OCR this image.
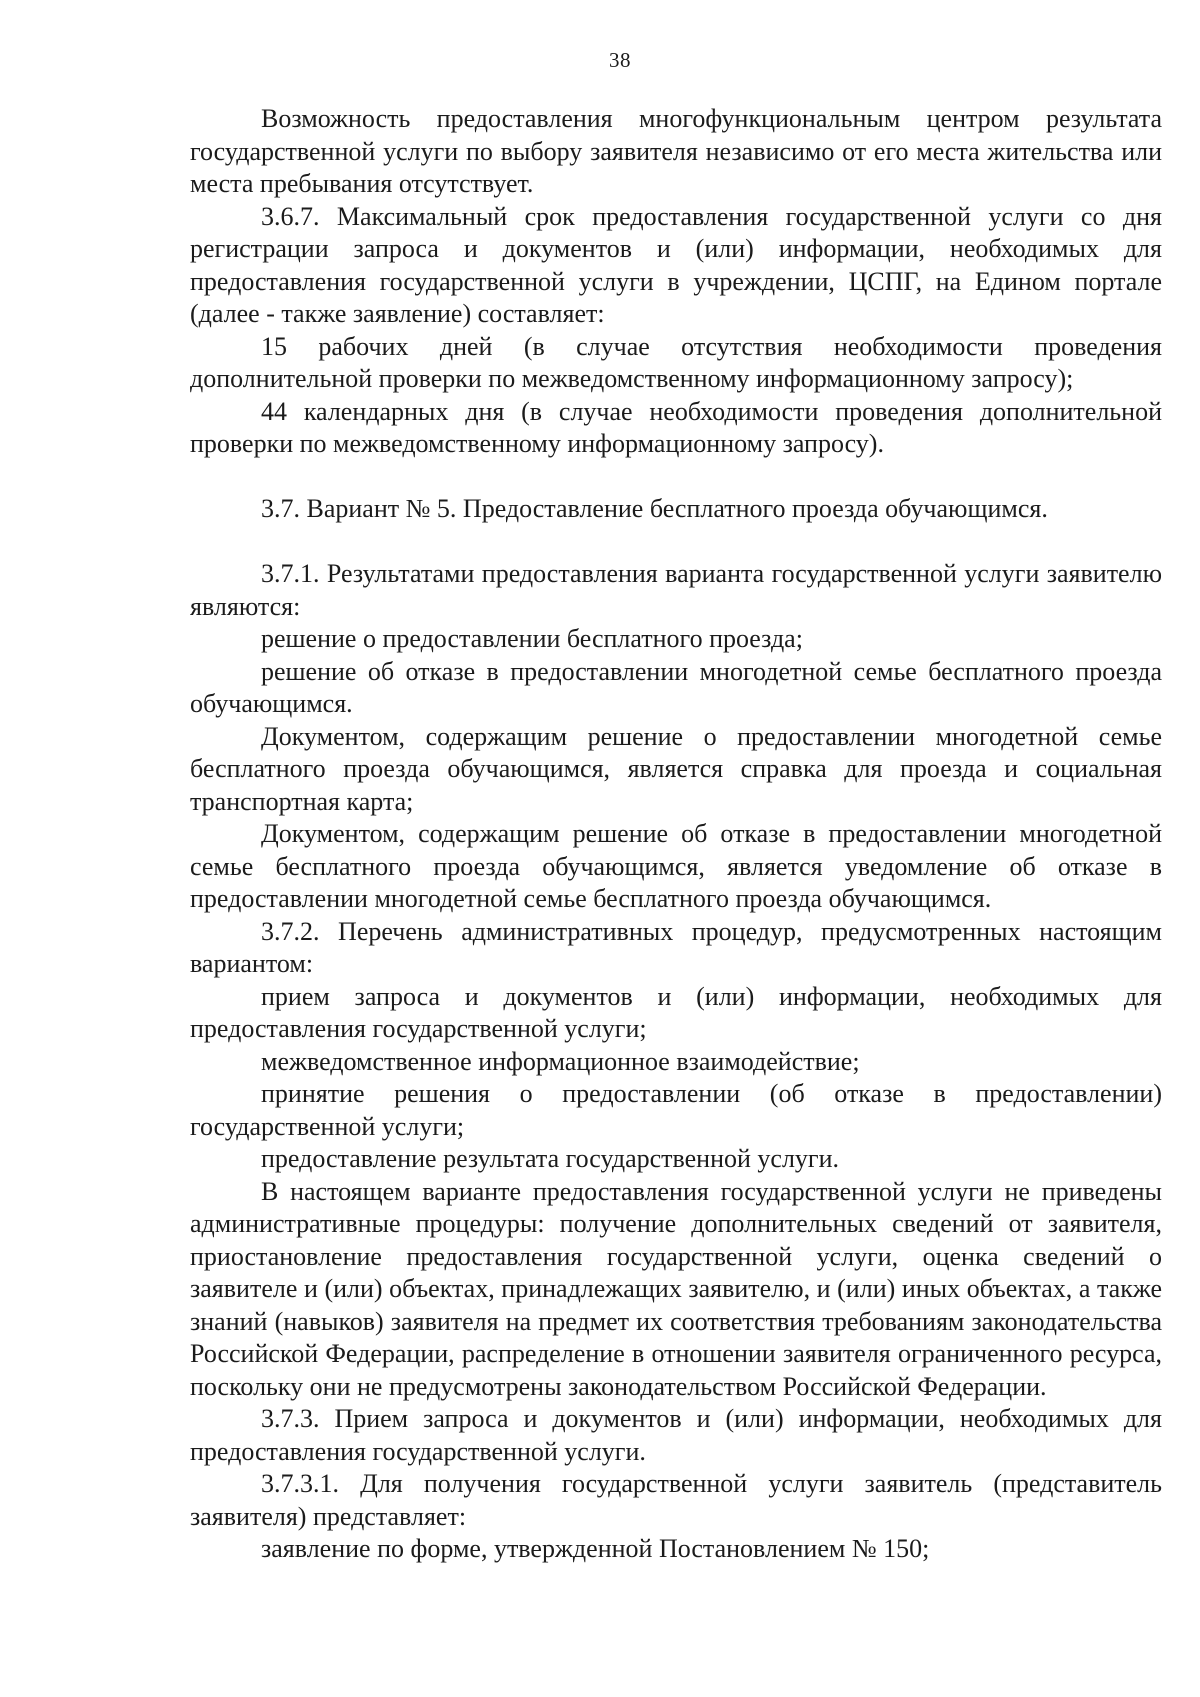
38

Возможность предоставления многофункциональным центром результата государственной услуги по выбору заявителя независимо от его места жительства или места пребывания отсутствует.

3.6.7. Максимальный срок предоставления государственной услуги со дня регистрации запроса и документов и (или) информации, необходимых для предоставления государственной услуги в учреждении, ЦСПГ, на Едином портале (далее - также заявление) составляет:

15 рабочих дней (в случае отсутствия необходимости проведения дополнительной проверки по межведомственному информационному запросу);

44 календарных дня (в случае необходимости проведения дополнительной проверки по межведомственному информационному запросу).

3.7. Вариант № 5. Предоставление бесплатного проезда обучающимся.

3.7.1. Результатами предоставления варианта государственной услуги заявителю являются:

решение о предоставлении бесплатного проезда;

решение об отказе в предоставлении многодетной семье бесплатного проезда обучающимся.

Документом, содержащим решение о предоставлении многодетной семье бесплатного проезда обучающимся, является справка для проезда и социальная транспортная карта;

Документом, содержащим решение об отказе в предоставлении многодетной семье бесплатного проезда обучающимся, является уведомление об отказе в предоставлении многодетной семье бесплатного проезда обучающимся.

3.7.2. Перечень административных процедур, предусмотренных настоящим вариантом:

прием запроса и документов и (или) информации, необходимых для предоставления государственной услуги;

межведомственное информационное взаимодействие;

принятие решения о предоставлении (об отказе в предоставлении) государственной услуги;

предоставление результата государственной услуги.

В настоящем варианте предоставления государственной услуги не приведены административные процедуры: получение дополнительных сведений от заявителя, приостановление предоставления государственной услуги, оценка сведений о заявителе и (или) объектах, принадлежащих заявителю, и (или) иных объектах, а также знаний (навыков) заявителя на предмет их соответствия требованиям законодательства Российской Федерации, распределение в отношении заявителя ограниченного ресурса, поскольку они не предусмотрены законодательством Российской Федерации.

3.7.3. Прием запроса и документов и (или) информации, необходимых для предоставления государственной услуги.

3.7.3.1. Для получения государственной услуги заявитель (представитель заявителя) представляет:

заявление по форме, утвержденной Постановлением № 150;
